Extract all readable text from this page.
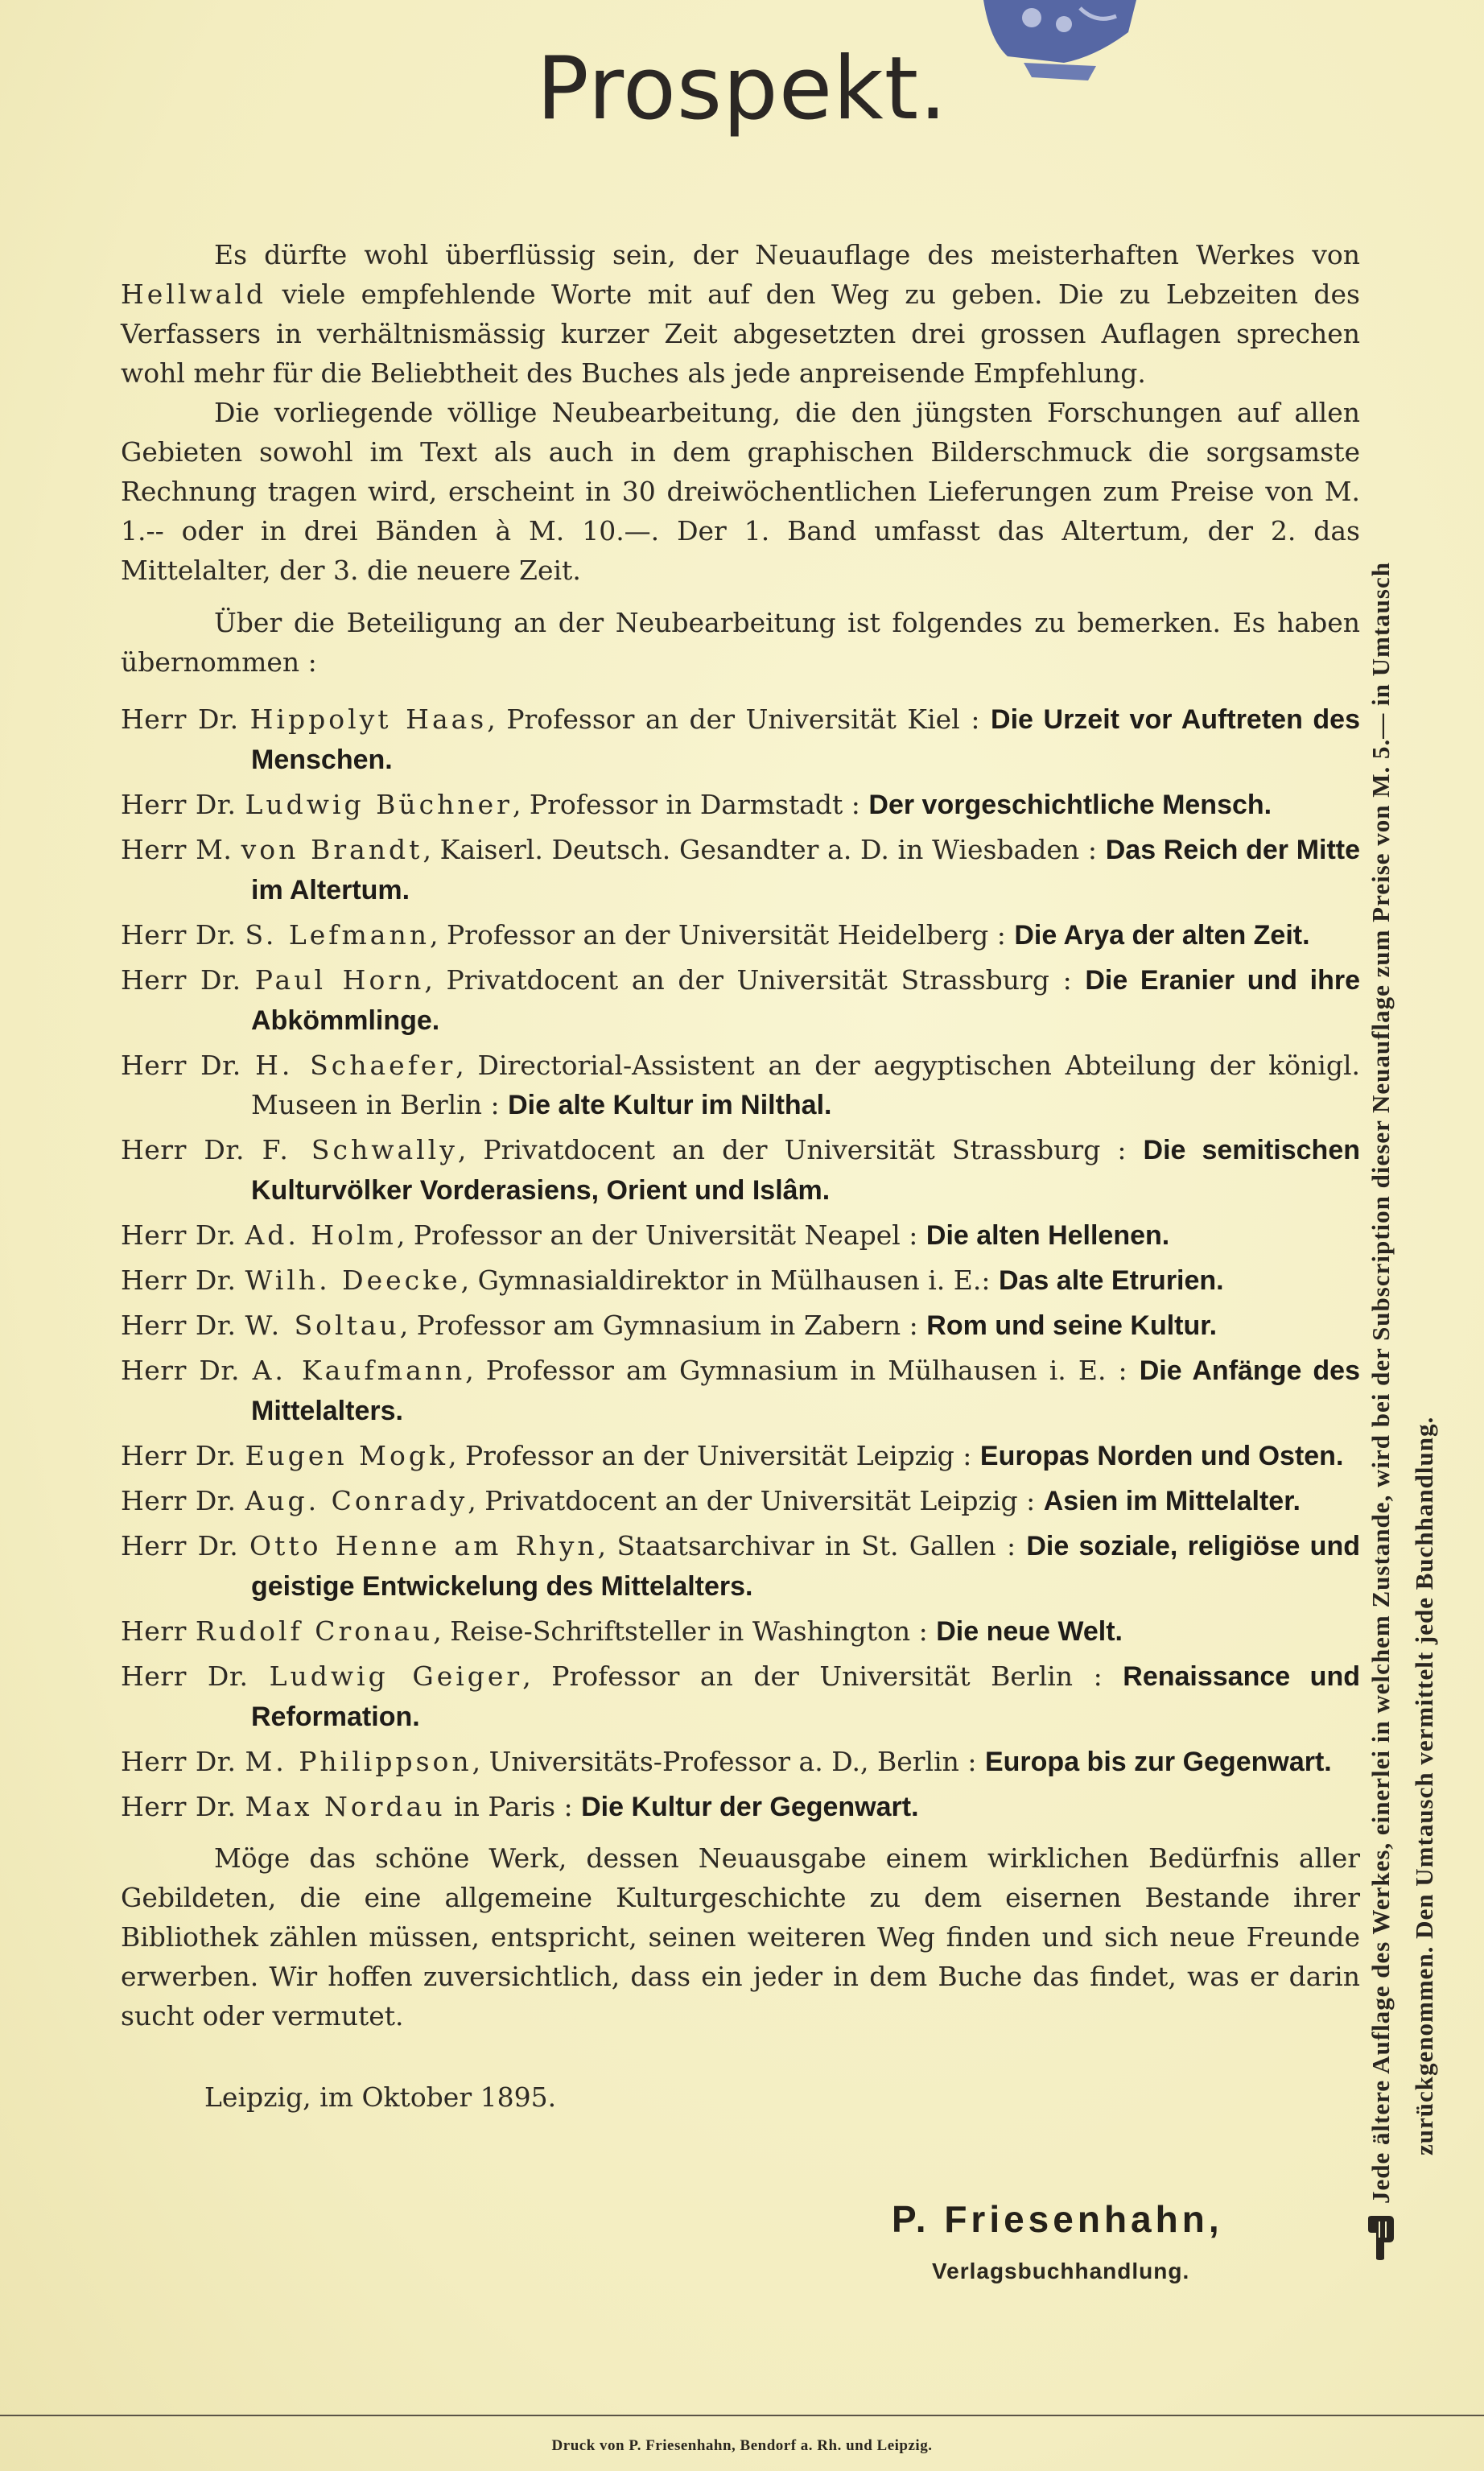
Prospekt.

Es dürfte wohl überflüssig sein, der Neuauflage des meisterhaften Werkes von Hellwald viele empfehlende Worte mit auf den Weg zu geben. Die zu Lebzeiten des Verfassers in verhältnismässig kurzer Zeit abgesetzten drei grossen Auflagen sprechen wohl mehr für die Beliebtheit des Buches als jede anpreisende Empfehlung.

Die vorliegende völlige Neubearbeitung, die den jüngsten Forschungen auf allen Gebieten sowohl im Text als auch in dem graphischen Bilderschmuck die sorgsamste Rechnung tragen wird, erscheint in 30 dreiwöchentlichen Lieferungen zum Preise von M. 1.-- oder in drei Bänden à M. 10.—. Der 1. Band umfasst das Altertum, der 2. das Mittelalter, der 3. die neuere Zeit.

Über die Beteiligung an der Neubearbeitung ist folgendes zu bemerken. Es haben übernommen :

Herr Dr. Hippolyt Haas, Professor an der Universität Kiel : Die Urzeit vor Auftreten des Menschen.
Herr Dr. Ludwig Büchner, Professor in Darmstadt : Der vorgeschichtliche Mensch.
Herr M. von Brandt, Kaiserl. Deutsch. Gesandter a. D. in Wiesbaden : Das Reich der Mitte im Altertum.
Herr Dr. S. Lefmann, Professor an der Universität Heidelberg : Die Arya der alten Zeit.
Herr Dr. Paul Horn, Privatdocent an der Universität Strassburg : Die Eranier und ihre Abkömmlinge.
Herr Dr. H. Schaefer, Directorial-Assistent an der aegyptischen Abteilung der königl. Museen in Berlin : Die alte Kultur im Nilthal.
Herr Dr. F. Schwally, Privatdocent an der Universität Strassburg : Die semitischen Kulturvölker Vorderasiens, Orient und Islâm.
Herr Dr. Ad. Holm, Professor an der Universität Neapel : Die alten Hellenen.
Herr Dr. Wilh. Deecke, Gymnasialdirektor in Mülhausen i. E.: Das alte Etrurien.
Herr Dr. W. Soltau, Professor am Gymnasium in Zabern : Rom und seine Kultur.
Herr Dr. A. Kaufmann, Professor am Gymnasium in Mülhausen i. E. : Die Anfänge des Mittelalters.
Herr Dr. Eugen Mogk, Professor an der Universität Leipzig : Europas Norden und Osten.
Herr Dr. Aug. Conrady, Privatdocent an der Universität Leipzig : Asien im Mittelalter.
Herr Dr. Otto Henne am Rhyn, Staatsarchivar in St. Gallen : Die soziale, religiöse und geistige Entwickelung des Mittelalters.
Herr Rudolf Cronau, Reise-Schriftsteller in Washington : Die neue Welt.
Herr Dr. Ludwig Geiger, Professor an der Universität Berlin : Renaissance und Reformation.
Herr Dr. M. Philippson, Universitäts-Professor a. D., Berlin : Europa bis zur Gegenwart.
Herr Dr. Max Nordau in Paris : Die Kultur der Gegenwart.

Möge das schöne Werk, dessen Neuausgabe einem wirklichen Bedürfnis aller Gebildeten, die eine allgemeine Kulturgeschichte zu dem eisernen Bestande ihrer Bibliothek zählen müssen, entspricht, seinen weiteren Weg finden und sich neue Freunde erwerben. Wir hoffen zuversichtlich, dass ein jeder in dem Buche das findet, was er darin sucht oder vermutet.

Leipzig, im Oktober 1895.

P. Friesenhahn,
Verlagsbuchhandlung.
Druck von P. Friesenhahn, Bendorf a. Rh. und Leipzig.
Jede ältere Auflage des Werkes, einerlei in welchem Zustande, wird bei der Subscription dieser Neuauflage zum Preise von M. 5.— in Umtausch zurückgenommen. Den Umtausch vermittelt jede Buchhandlung.
